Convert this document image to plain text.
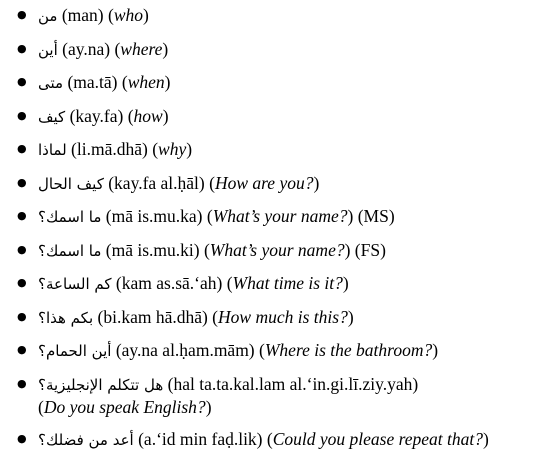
● من (man) (who)
● أين (ay.na) (where)
● متى (ma.tā) (when)
● كيف (kay.fa) (how)
● لماذا (li.mā.dhā) (why)
● كيف الحال (kay.fa al.ḥāl) (How are you?)
● ما اسمك؟ (mā is.mu.ka) (What’s your name?) (MS)
● ما اسمك؟ (mā is.mu.ki) (What’s your name?) (FS)
● كم الساعة؟ (kam as.sā.‘ah) (What time is it?)
● بكم هذا؟ (bi.kam hā.dhā) (How much is this?)
● أين الحمام؟ (ay.na al.ḥam.mām) (Where is the bathroom?)
● هل تتكلم الإنجليزية؟ (hal ta.ta.kal.lam al.‘in.gi.lī.ziy.yah)
(Do you speak English?)
● أعد من فضلك؟ (a.‘id min faḍ.lik) (Could you please repeat that?)
